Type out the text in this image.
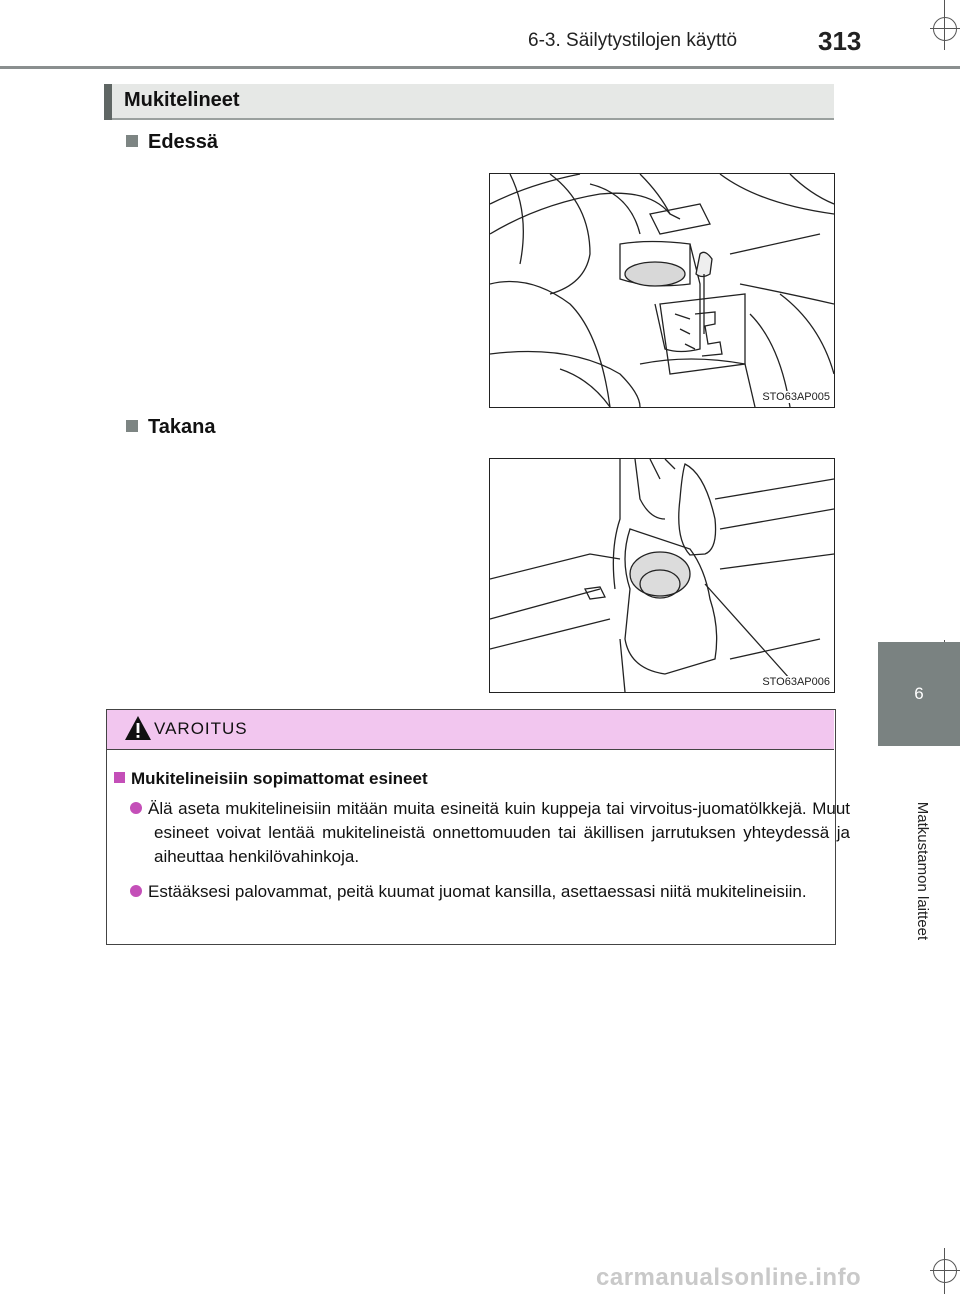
6-3. Säilytystilojen käyttö	313
6
Matkustamon laitteet
Mukitelineet
Edessä
STO63AP005
Takana
STO63AP006
VAROITUS
Mukitelineisiin sopimattomat esineet
Älä aseta mukitelineisiin mitään muita esineitä kuin kuppeja tai virvoitus-juomatölkkejä. Muut esineet voivat lentää mukitelineistä onnettomuuden tai äkillisen jarrutuksen yhteydessä ja aiheuttaa henkilövahinkoja.
Estääksesi palovammat, peitä kuumat juomat kansilla, asettaessasi niitä mukitelineisiin.
carmanualsonline.info
